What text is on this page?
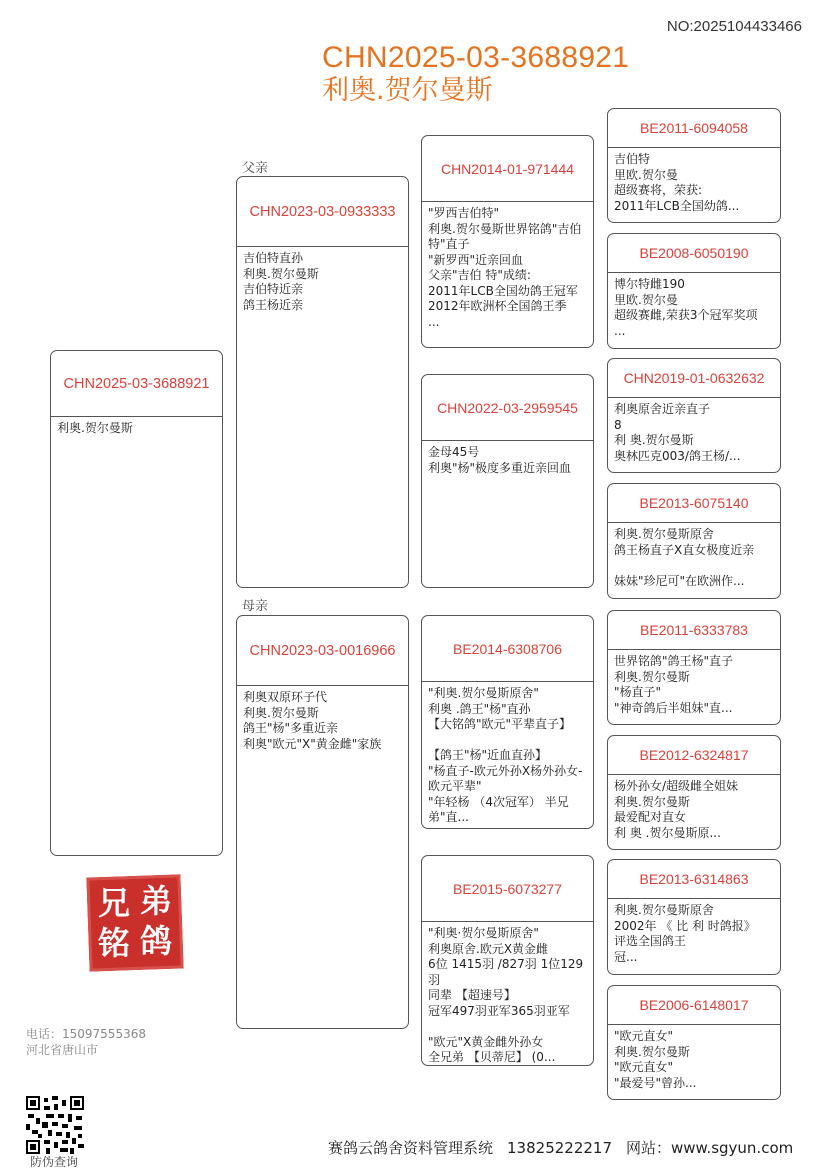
NO:2025104433466
CHN2025-03-3688921
利奥.贺尔曼斯
父亲
母亲
CHN2025-03-3688921
利奥.贺尔曼斯
CHN2023-03-0933333
吉伯特直孙
利奥.贺尔曼斯
吉伯特近亲
鸽王杨近亲
CHN2023-03-0016966
利奥双原环子代
利奥.贺尔曼斯
鸽王"杨"多重近亲
利奥"欧元"X"黄金雌"家族
CHN2014-01-971444
"罗西吉伯特"
利奥.贺尔曼斯世界铭鸽"吉伯特"直子
"新罗西"近亲回血
父亲"吉伯 特"成绩:
2011年LCB全国幼鸽王冠军
2012年欧洲杯全国鸽王季
...
CHN2022-03-2959545
金母45号
利奥"杨"极度多重近亲回血
BE2014-6308706
"利奥.贺尔曼斯原舍"
利奥 .鸽王"杨"直孙
【大铭鸽"欧元"平辈直子】
【鸽王"杨"近血直孙】
"杨直子-欧元外孙X杨外孙女-欧元平辈"
"年轻杨 （4次冠军） 半兄弟"直...
BE2015-6073277
"利奥·贺尔曼斯原舍"
利奥原舍.欧元X黄金雌
6位 1415羽 /827羽 1位129羽
同辈 【超速号】
冠军497羽亚军365羽亚军
"欧元"X黄金雌外孙女
全兄弟 【贝蒂尼】 (0...
BE2011-6094058
吉伯特
里欧.贺尔曼
超级赛将，荣获:
2011年LCB全国幼鸽...
BE2008-6050190
博尔特雌190
里欧.贺尔曼
超级赛雌,荣获3个冠军奖项
...
CHN2019-01-0632632
利奥原舍近亲直子
8
利 奥.贺尔曼斯
奥林匹克003/鸽王杨/...
BE2013-6075140
利奥.贺尔曼斯原舍
鸽王杨直子X直女极度近亲
妹妹"珍尼可"在欧洲作...
BE2011-6333783
世界铭鸽"鸽王杨"直子
利奥.贺尔曼斯
"杨直子"
"神奇鸽后半姐妹"直...
BE2012-6324817
杨外孙女/超级雌全姐妹
利奥.贺尔曼斯
最爱配对直女
利 奥 .贺尔曼斯原...
BE2013-6314863
利奥.贺尔曼斯原舍
2002年 《 比 利 时鸽报》
评选全国鸽王
冠...
BE2006-6148017
"欧元直女"
利奥.贺尔曼斯
"欧元直女"
"最爱号"曾孙...
兄 弟
铭 鸽
电话：15097555368
河北省唐山市
防伪查询
赛鸽云鸽舍资料管理系统 13825222217 网站：www.sgyun.com
